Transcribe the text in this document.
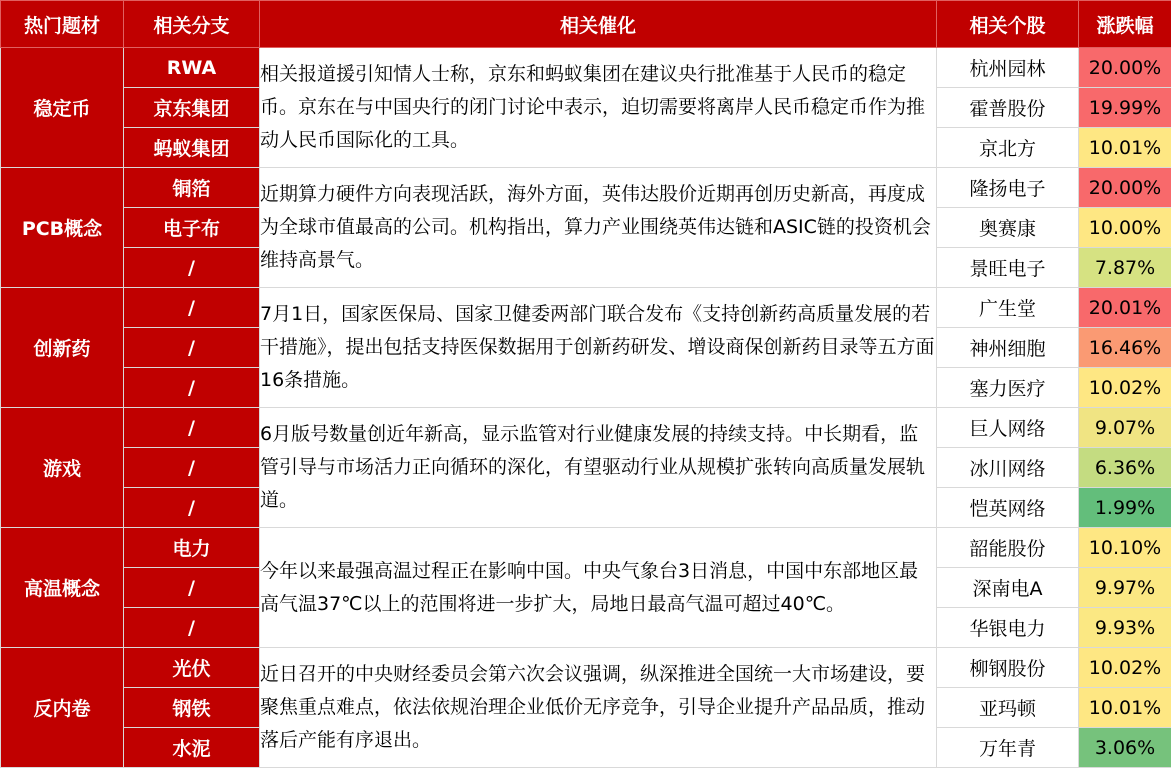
热门题材	相关分支	相关催化	相关个股	涨跌幅
稳定币	RWA	相关报道援引知情人士称，京东和蚂蚁集团在建议央行批准基于人民币的稳定币。京东在与中国央行的闭门讨论中表示，迫切需要将离岸人民币稳定币作为推动人民币国际化的工具。	杭州园林	20.00%
	京东集团		霍普股份	19.99%
	蚂蚁集团		京北方	10.01%
PCB概念	铜箔	近期算力硬件方向表现活跃，海外方面，英伟达股价近期再创历史新高，再度成为全球市值最高的公司。机构指出，算力产业围绕英伟达链和ASIC链的投资机会维持高景气。	隆扬电子	20.00%
	电子布		奥赛康	10.00%
	/		景旺电子	7.87%
创新药	/	7月1日，国家医保局、国家卫健委两部门联合发布《支持创新药高质量发展的若干措施》，提出包括支持医保数据用于创新药研发、增设商保创新药目录等五方面16条措施。	广生堂	20.01%
	/		神州细胞	16.46%
	/		塞力医疗	10.02%
游戏	/	6月版号数量创近年新高，显示监管对行业健康发展的持续支持。中长期看，监管引导与市场活力正向循环的深化，有望驱动行业从规模扩张转向高质量发展轨道。	巨人网络	9.07%
	/		冰川网络	6.36%
	/		恺英网络	1.99%
高温概念	电力	今年以来最强高温过程正在影响中国。中央气象台3日消息，中国中东部地区最高气温37℃以上的范围将进一步扩大，局地日最高气温可超过40℃。	韶能股份	10.10%
	/		深南电A	9.97%
	/		华银电力	9.93%
反内卷	光伏	近日召开的中央财经委员会第六次会议强调，纵深推进全国统一大市场建设，要聚焦重点难点，依法依规治理企业低价无序竞争，引导企业提升产品品质，推动落后产能有序退出。	柳钢股份	10.02%
	钢铁		亚玛顿	10.01%
	水泥		万年青	3.06%
